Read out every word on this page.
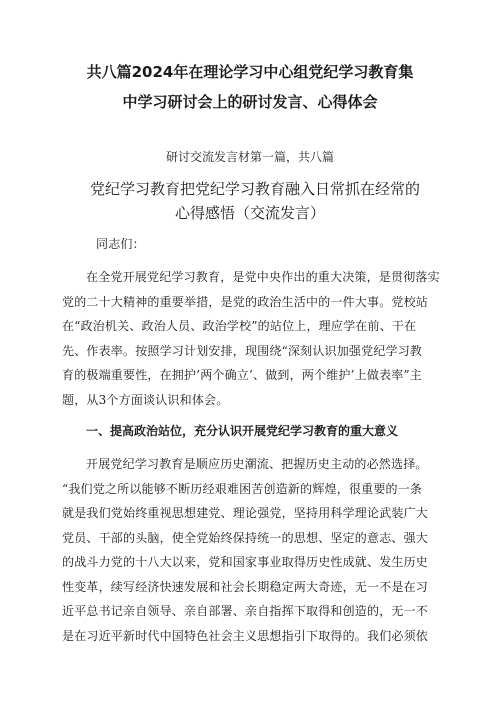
共八篇2024年在理论学习中心组党纪学习教育集
中学习研讨会上的研讨发言、心得体会
研讨交流发言材第一篇，共八篇
党纪学习教育把党纪学习教育融入日常抓在经常的
心得感悟（交流发言）
同志们：
在全党开展党纪学习教育，是党中央作出的重大决策，是贯彻落实
党的二十大精神的重要举措，是党的政治生活中的一件大事。党校站
在“政治机关、政治人员、政治学校”的站位上，理应学在前、干在
先、作表率。按照学习计划安排，现围绕“深刻认识加强党纪学习教
育的极端重要性，在拥护’两个确立’、做到，两个维护’上做表率”主
题，从3个方面谈认识和体会。
一、提高政治站位，充分认识开展党纪学习教育的重大意义
开展党纪学习教育是顺应历史潮流、把握历史主动的必然选择。
“我们党之所以能够不断历经艰难困苦创造新的辉煌，很重要的一条
就是我们党始终重视思想建党、理论强党，坚持用科学理论武装广大
党员、干部的头脑，使全党始终保持统一的思想、坚定的意志、强大
的战斗力党的十八大以来，党和国家事业取得历史性成就、发生历史
性变革，续写经济快速发展和社会长期稳定两大奇迹，无一不是在习
近平总书记亲自领导、亲自部署、亲自指挥下取得和创造的，无一不
是在习近平新时代中国特色社会主义思想指引下取得的。我们必须依
